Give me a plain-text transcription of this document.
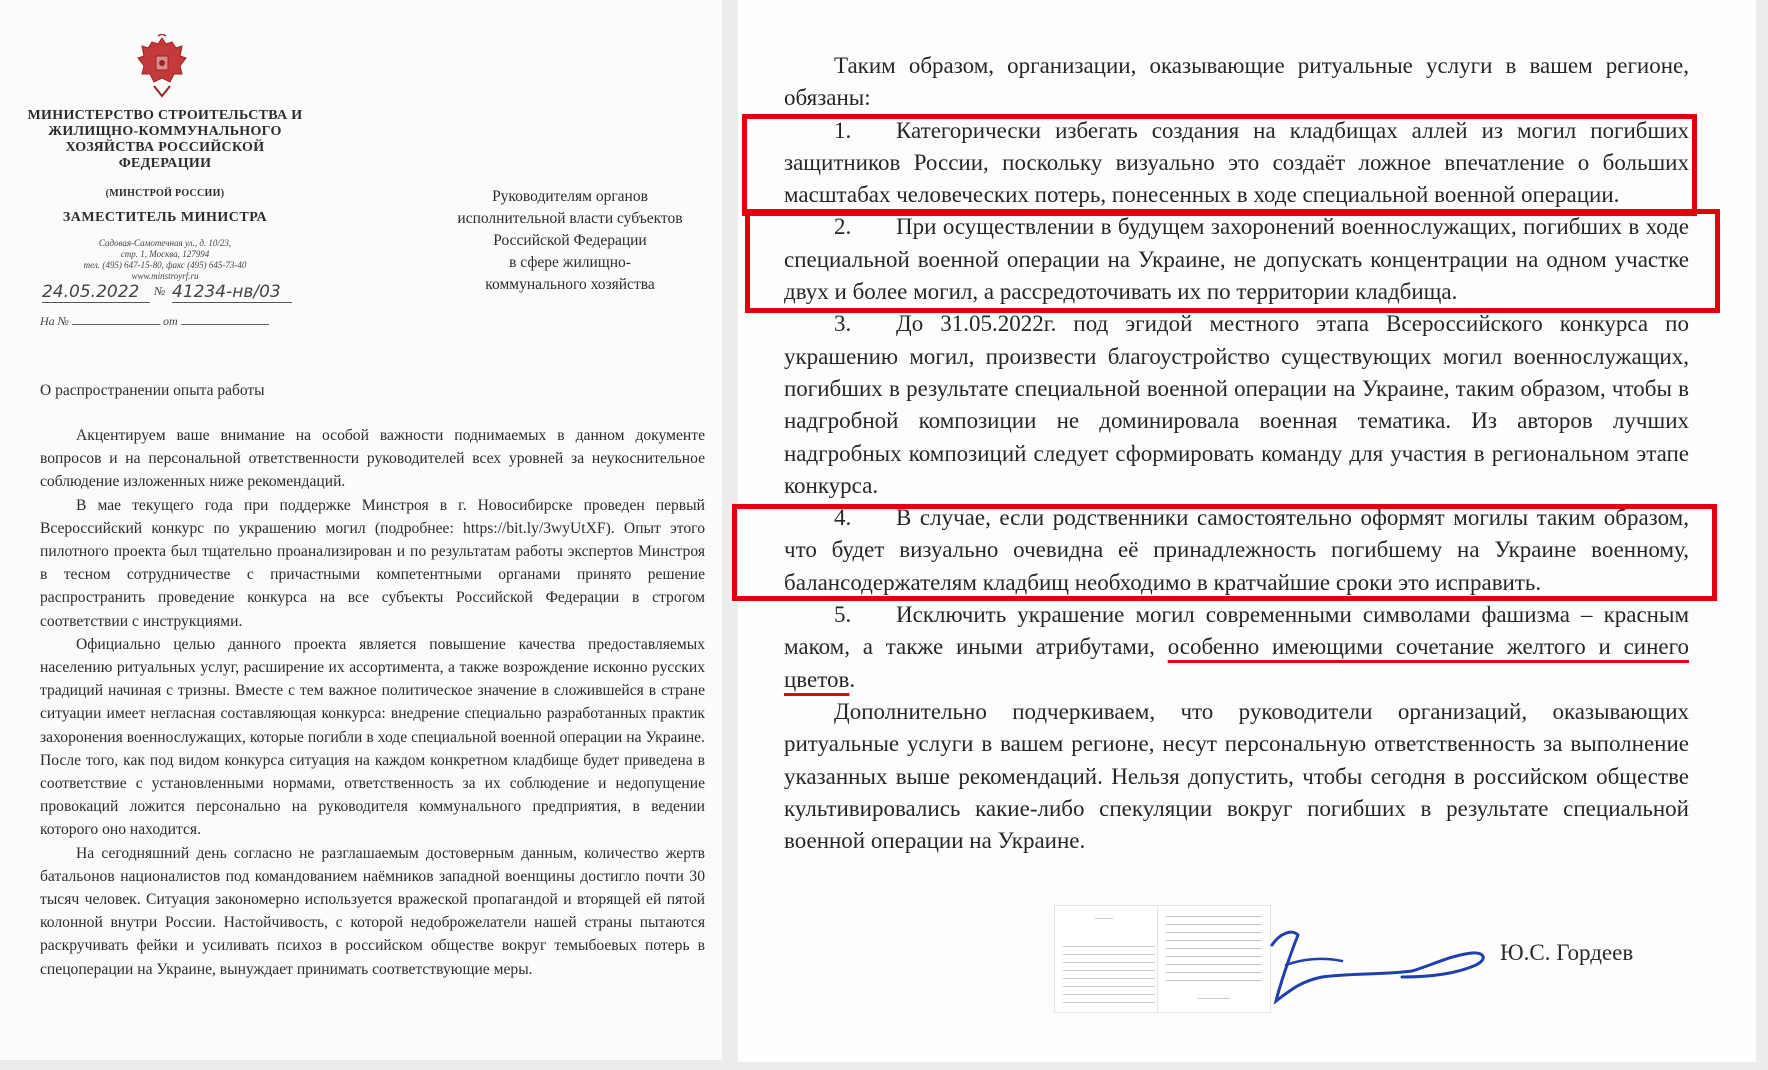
МИНИСТЕРСТВО СТРОИТЕЛЬСТВА И ЖИЛИЩНО-КОММУНАЛЬНОГО ХОЗЯЙСТВА РОССИЙСКОЙ ФЕДЕРАЦИИ
(МИНСТРОЙ РОССИИ)
ЗАМЕСТИТЕЛЬ МИНИСТРА
Садовая-Самотечная ул., д. 10/23,
стр. 1, Москва, 127994
тел. (495) 647-15-80, факс (495) 645-73-40
www.minstroyrf.ru
24.05.2022	№ 41234-нв/03
На №	от
Руководителям органов
исполнительной власти субъектов
Российской Федерации
в сфере жилищно-
коммунального хозяйства
О распространении опыта работы

Акцентируем ваше внимание на особой важности поднимаемых в данном документе вопросов и на персональной ответственности руководителей всех уровней за неукоснительное соблюдение изложенных ниже рекомендаций.

В мае текущего года при поддержке Минстроя в г. Новосибирске проведен первый Всероссийский конкурс по украшению могил (подробнее: https://bit.ly/3wyUtXF). Опыт этого пилотного проекта был тщательно проанализирован и по результатам работы экспертов Минстроя в тесном сотрудничестве с причастными компетентными органами принято решение распространить проведение конкурса на все субъекты Российской Федерации в строгом соответствии с инструкциями.

Официально целью данного проекта является повышение качества предоставляемых населению ритуальных услуг, расширение их ассортимента, а также возрождение исконно русских традиций начиная с тризны. Вместе с тем важное политическое значение в сложившейся в стране ситуации имеет негласная составляющая конкурса: внедрение специально разработанных практик захоронения военнослужащих, которые погибли в ходе специальной военной операции на Украине. После того, как под видом конкурса ситуация на каждом конкретном кладбище будет приведена в соответствие с установленными нормами, ответственность за их соблюдение и недопущение провокаций ложится персонально на руководителя коммунального предприятия, в ведении которого оно находится.

На сегодняшний день согласно не разглашаемым достоверным данным, количество жертв батальонов националистов под командованием наёмников западной военщины достигло почти 30 тысяч человек. Ситуация закономерно используется вражеской пропагандой и вторящей ей пятой колонной внутри России. Настойчивость, с которой недоброжелатели нашей страны пытаются раскручивать фейки и усиливать психоз в российском обществе вокруг темыбоевых потерь в спецоперации на Украине, вынуждает принимать соответствующие меры.

Таким образом, организации, оказывающие ритуальные услуги в вашем регионе, обязаны:

1. Категорически избегать создания на кладбищах аллей из могил погибших защитников России, поскольку визуально это создаёт ложное впечатление о больших масштабах человеческих потерь, понесенных в ходе специальной военной операции.

2. При осуществлении в будущем захоронений военнослужащих, погибших в ходе специальной военной операции на Украине, не допускать концентрации на одном участке двух и более могил, а рассредоточивать их по территории кладбища.

3. До 31.05.2022г. под эгидой местного этапа Всероссийского конкурса по украшению могил, произвести благоустройство существующих могил военнослужащих, погибших в результате специальной военной операции на Украине, таким образом, чтобы в надгробной композиции не доминировала военная тематика. Из авторов лучших надгробных композиций следует сформировать команду для участия в региональном этапе конкурса.

4. В случае, если родственники самостоятельно оформят могилы таким образом, что будет визуально очевидна её принадлежность погибшему на Украине военному, балансодержателям кладбищ необходимо в кратчайшие сроки это исправить.

5. Исключить украшение могил современными символами фашизма – красным маком, а также иными атрибутами, особенно имеющими сочетание желтого и синего цветов.

Дополнительно подчеркиваем, что руководители организаций, оказывающих ритуальные услуги в вашем регионе, несут персональную ответственность за выполнение указанных выше рекомендаций. Нельзя допустить, чтобы сегодня в российском обществе культивировались какие-либо спекуляции вокруг погибших в результате специальной военной операции на Украине.

Ю.С. Гордеев
